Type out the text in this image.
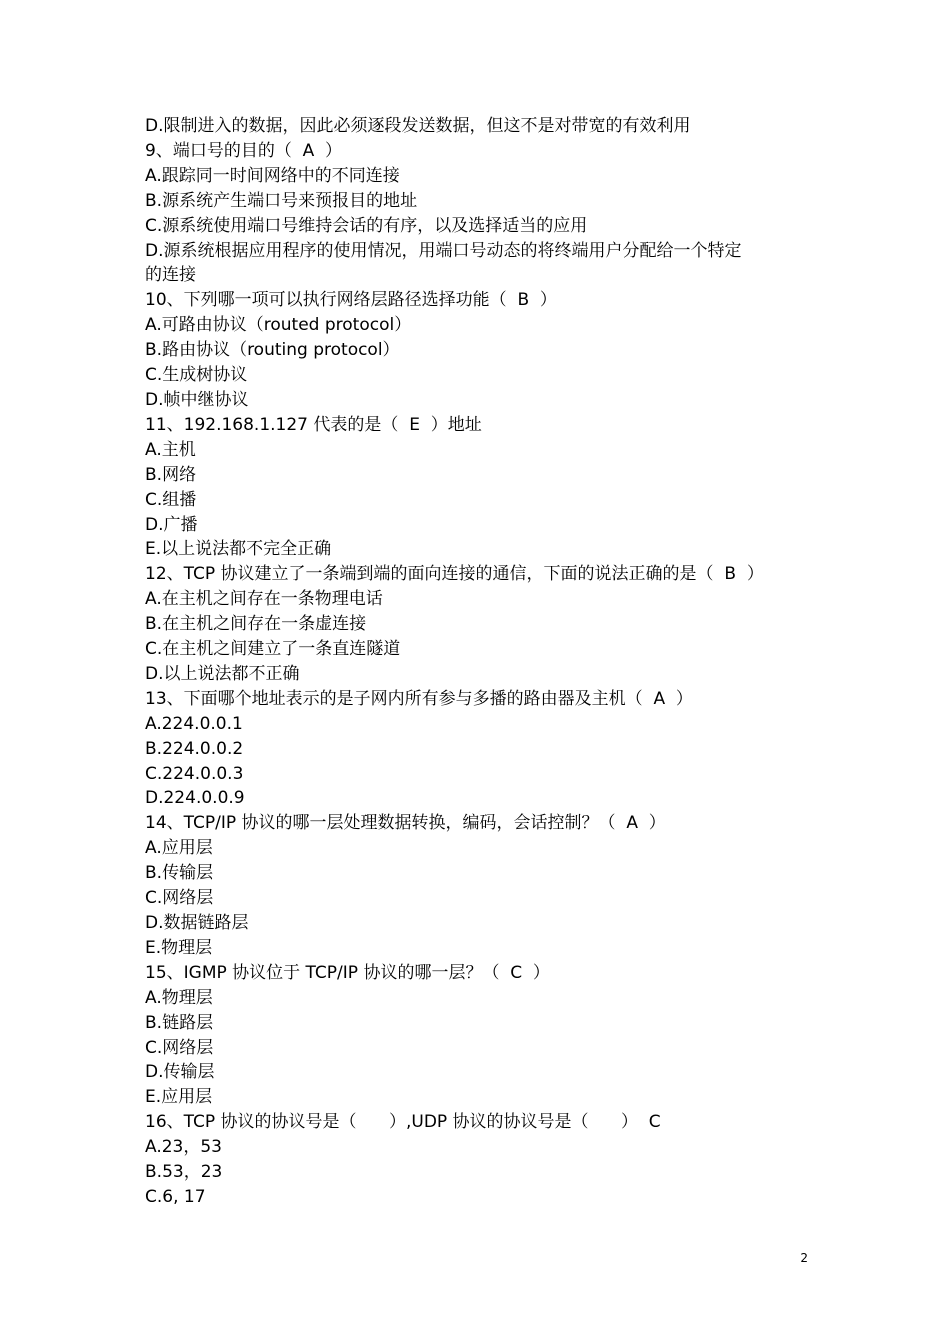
D.限制进入的数据，因此必须逐段发送数据，但这不是对带宽的有效利用

9、端口号的目的（  A  ）

A.跟踪同一时间网络中的不同连接

B.源系统产生端口号来预报目的地址

C.源系统使用端口号维持会话的有序，以及选择适当的应用

D.源系统根据应用程序的使用情况，用端口号动态的将终端用户分配给一个特定

的连接

10、下列哪一项可以执行网络层路径选择功能（  B  ）

A.可路由协议（routed protocol）

B.路由协议（routing protocol）

C.生成树协议

D.帧中继协议

11、192.168.1.127 代表的是（  E  ）地址

A.主机

B.网络

C.组播

D.广播

E.以上说法都不完全正确

12、TCP 协议建立了一条端到端的面向连接的通信，下面的说法正确的是（  B  ）

A.在主机之间存在一条物理电话

B.在主机之间存在一条虚连接

C.在主机之间建立了一条直连隧道

D.以上说法都不正确

13、下面哪个地址表示的是子网内所有参与多播的路由器及主机（  A  ）

A.224.0.0.1

B.224.0.0.2

C.224.0.0.3

D.224.0.0.9

14、TCP/IP 协议的哪一层处理数据转换，编码，会话控制？（  A  ）

A.应用层

B.传输层

C.网络层

D.数据链路层

E.物理层

15、IGMP 协议位于 TCP/IP 协议的哪一层？（  C  ）

A.物理层

B.链路层

C.网络层

D.传输层

E.应用层

16、TCP 协议的协议号是（      ）,UDP 协议的协议号是（      ）  C

A.23，53

B.53，23

C.6, 17

2
